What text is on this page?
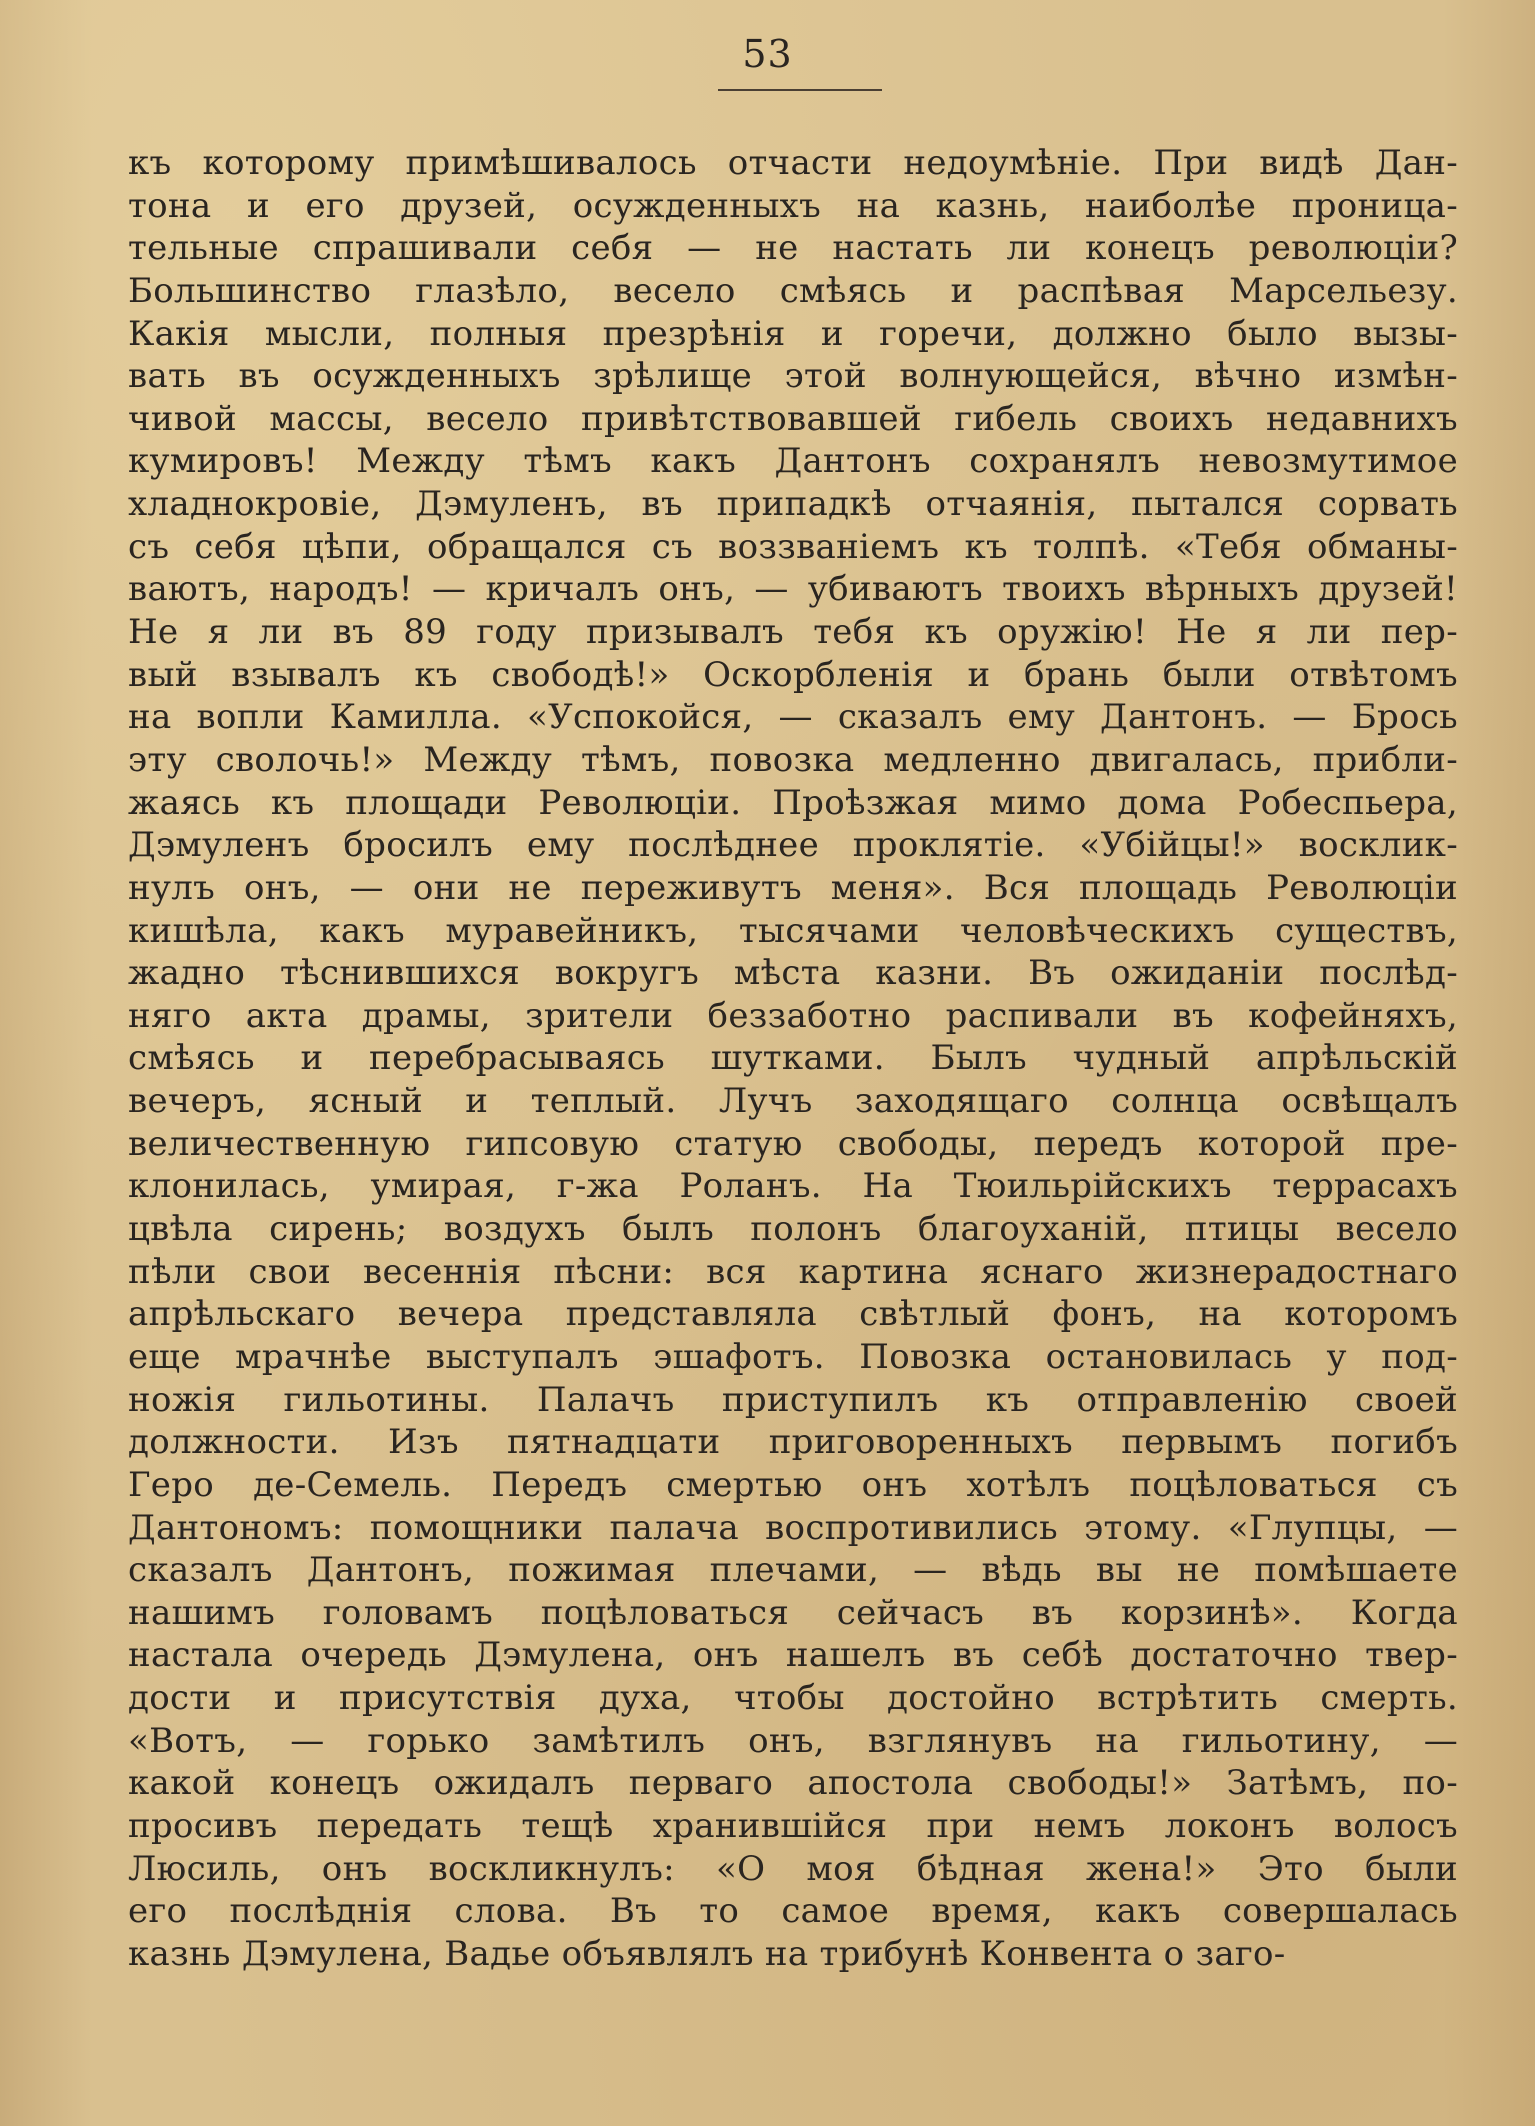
53
къ которому примѣшивалось отчасти недоумѣніе. При видѣ Дан-
тона и его друзей, осужденныхъ на казнь, наиболѣе проница-
тельные спрашивали себя — не настать ли конецъ революціи?
Большинство глазѣло, весело смѣясь и распѣвая Марсельезу.
Какія мысли, полныя презрѣнія и горечи, должно было вызы-
вать въ осужденныхъ зрѣлище этой волнующейся, вѣчно измѣн-
чивой массы, весело привѣтствовавшей гибель своихъ недавнихъ
кумировъ! Между тѣмъ какъ Дантонъ сохранялъ невозмутимое
хладнокровіе, Дэмуленъ, въ припадкѣ отчаянія, пытался сорвать
съ себя цѣпи, обращался съ воззваніемъ къ толпѣ. «Тебя обманы-
ваютъ, народъ! — кричалъ онъ, — убиваютъ твоихъ вѣрныхъ друзей!
Не я ли въ 89 году призывалъ тебя къ оружію! Не я ли пер-
вый взывалъ къ свободѣ!» Оскорбленія и брань были отвѣтомъ
на вопли Камилла. «Успокойся, — сказалъ ему Дантонъ. — Брось
эту сволочь!» Между тѣмъ, повозка медленно двигалась, прибли-
жаясь къ площади Революціи. Проѣзжая мимо дома Робеспьера,
Дэмуленъ бросилъ ему послѣднее проклятіе. «Убійцы!» восклик-
нулъ онъ, — они не переживутъ меня». Вся площадь Революціи
кишѣла, какъ муравейникъ, тысячами человѣческихъ существъ,
жадно тѣснившихся вокругъ мѣста казни. Въ ожиданіи послѣд-
няго акта драмы, зрители беззаботно распивали въ кофейняхъ,
смѣясь и перебрасываясь шутками. Былъ чудный апрѣльскій
вечеръ, ясный и теплый. Лучъ заходящаго солнца освѣщалъ
величественную гипсовую статую свободы, передъ которой пре-
клонилась, умирая, г-жа Роланъ. На Тюильрійскихъ террасахъ
цвѣла сирень; воздухъ былъ полонъ благоуханій, птицы весело
пѣли свои весеннія пѣсни: вся картина яснаго жизнерадостнаго
апрѣльскаго вечера представляла свѣтлый фонъ, на которомъ
еще мрачнѣе выступалъ эшафотъ. Повозка остановилась у под-
ножія гильотины. Палачъ приступилъ къ отправленію своей
должности. Изъ пятнадцати приговоренныхъ первымъ погибъ
Геро де-Семель. Передъ смертью онъ хотѣлъ поцѣловаться съ
Дантономъ: помощники палача воспротивились этому. «Глупцы, —
сказалъ Дантонъ, пожимая плечами, — вѣдь вы не помѣшаете
нашимъ головамъ поцѣловаться сейчасъ въ корзинѣ». Когда
настала очередь Дэмулена, онъ нашелъ въ себѣ достаточно твер-
дости и присутствія духа, чтобы достойно встрѣтить смерть.
«Вотъ, — горько замѣтилъ онъ, взглянувъ на гильотину, —
какой конецъ ожидалъ перваго апостола свободы!» Затѣмъ, по-
просивъ передать тещѣ хранившійся при немъ локонъ волосъ
Люсиль, онъ воскликнулъ: «О моя бѣдная жена!» Это были
его послѣднія слова. Въ то самое время, какъ совершалась
казнь Дэмулена, Вадье объявлялъ на трибунѣ Конвента о заго-
